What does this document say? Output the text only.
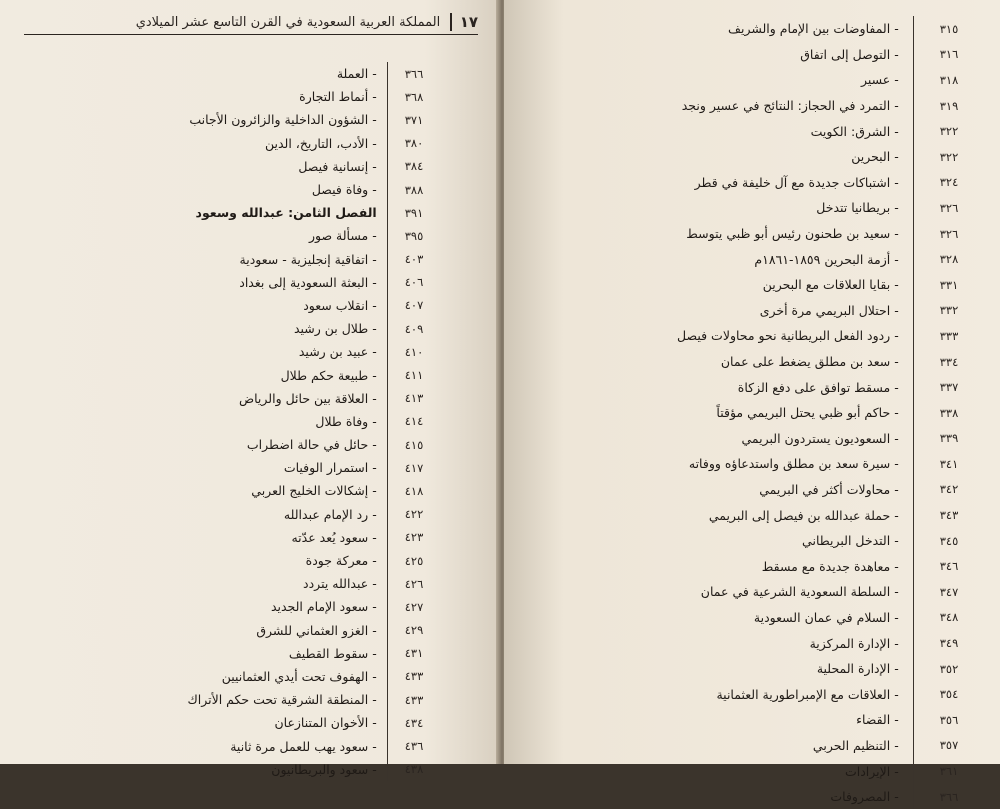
١٧
المملكة العربية السعودية في القرن التاسع عشر الميلادي
٣٦٦
- العملة
٣٦٨
- أنماط التجارة
٣٧١
- الشؤون الداخلية والزائرون الأجانب
٣٨٠
- الأدب، التاريخ، الدين
٣٨٤
- إنسانية فيصل
٣٨٨
- وفاة فيصل
٣٩١
الفصل الثامن: عبدالله وسعود
٣٩٥
- مسألة صور
٤٠٣
- اتفاقية إنجليزية - سعودية
٤٠٦
- البعثة السعودية إلى بغداد
٤٠٧
- انقلاب سعود
٤٠٩
- طلال بن رشيد
٤١٠
- عبيد بن رشيد
٤١١
- طبيعة حكم طلال
٤١٣
- العلاقة بين حائل والرياض
٤١٤
- وفاة طلال
٤١٥
- حائل في حالة اضطراب
٤١٧
- استمرار الوفيات
٤١٨
- إشكالات الخليج العربي
٤٢٢
- رد الإمام عبدالله
٤٢٣
- سعود يُعد عدّته
٤٢٥
- معركة جودة
٤٢٦
- عبدالله يتردد
٤٢٧
- سعود الإمام الجديد
٤٢٩
- الغزو العثماني للشرق
٤٣١
- سقوط القطيف
٤٣٣
- الهفوف تحت أيدي العثمانيين
٤٣٣
- المنطقة الشرقية تحت حكم الأتراك
٤٣٤
- الأخوان المتنازعان
٤٣٦
- سعود يهب للعمل مرة ثانية
٤٣٨
- سعود والبريطانيون
٣١٥
- المفاوضات بين الإمام والشريف
٣١٦
- التوصل إلى اتفاق
٣١٨
- عسير
٣١٩
- التمرد في الحجاز: النتائج في عسير ونجد
٣٢٢
- الشرق: الكويت
٣٢٢
- البحرين
٣٢٤
- اشتباكات جديدة مع آل خليفة في قطر
٣٢٦
- بريطانيا تتدخل
٣٢٦
- سعيد بن طحنون رئيس أبو ظبي يتوسط
٣٢٨
- أزمة البحرين ١٨٥٩-١٨٦١م
٣٣١
- بقايا العلاقات مع البحرين
٣٣٢
- احتلال البريمي مرة أخرى
٣٣٣
- ردود الفعل البريطانية نحو محاولات فيصل
٣٣٤
- سعد بن مطلق يضغط على عمان
٣٣٧
- مسقط توافق على دفع الزكاة
٣٣٨
- حاكم أبو ظبي يحتل البريمي مؤقتاً
٣٣٩
- السعوديون يستردون البريمي
٣٤١
- سيرة سعد بن مطلق واستدعاؤه ووفاته
٣٤٢
- محاولات أكثر في البريمي
٣٤٣
- حملة عبدالله بن فيصل إلى البريمي
٣٤٥
- التدخل البريطاني
٣٤٦
- معاهدة جديدة مع مسقط
٣٤٧
- السلطة السعودية الشرعية في عمان
٣٤٨
- السلام في عمان السعودية
٣٤٩
- الإدارة المركزية
٣٥٢
- الإدارة المحلية
٣٥٤
- العلاقات مع الإمبراطورية العثمانية
٣٥٦
- القضاء
٣٥٧
- التنظيم الحربي
٣٦١
- الإيرادات
٣٦٦
- المصروفات
